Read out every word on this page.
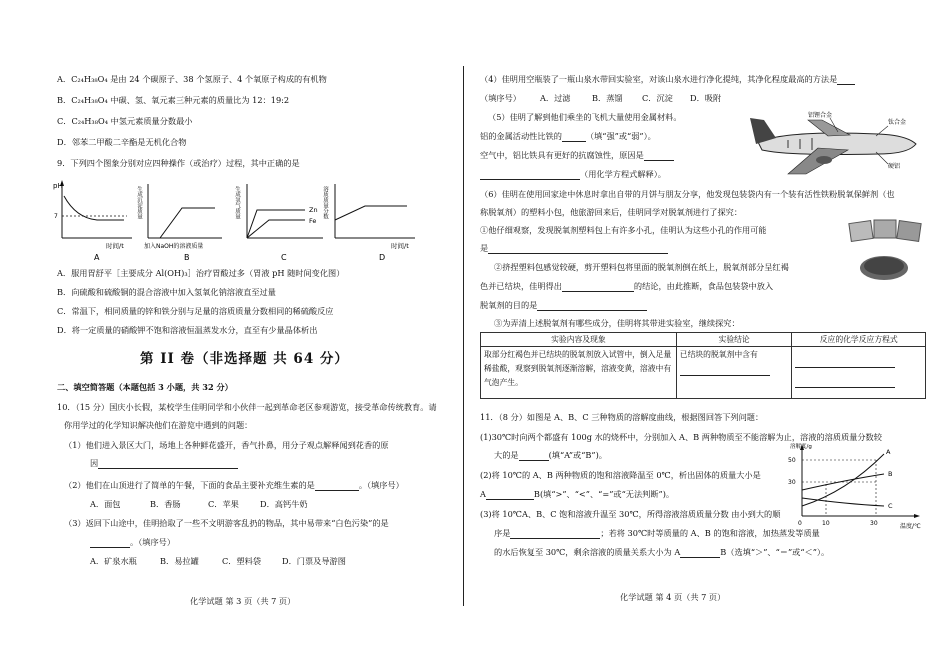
A．C₂₄H₃₈O₄ 是由 24 个碳原子、38 个氢原子、4 个氧原子构成的有机物
B．C₂₄H₃₈O₄ 中碳、氢、氧元素三种元素的质量比为 12：19:2
C．C₂₄H₃₈O₄ 中氢元素质量分数最小
D．邻苯二甲酸二辛酯是无机化合物
9．下列四个图象分别对应四种操作（或治疗）过程，其中正确的是
pH
7
时间/t
A
生成沉淀质量
加入NaOH的溶液质量
B
生成氢气质量	Zn
Fe
C
溶质质量分数
时间/t
D
A．服用胃舒平［主要成分 Al(OH)₃］治疗胃酸过多（胃液 pH 随时间变化图）
B．向硫酸和硫酸铜的混合溶液中加入氢氧化钠溶液直至过量
C．常温下，相同质量的锌和铁分别与足量的溶质质量分数相同的稀硫酸反应
D．将一定质量的硝酸钾不饱和溶液恒温蒸发水分，直至有少量晶体析出
第 II 卷（非选择题 共 64 分）
二、填空简答题（本题包括 3 小题，共 32 分）
10．（15 分）国庆小长假，某校学生佳明同学和小伙伴一起到革命老区参观游览，接受革命传统教育。请
你用学过的化学知识解决他们在游览中遇到的问题：
（1）他们进入景区大门，场地上各种鲜花盛开，香气扑鼻，用分子观点解释闻到花香的原
因
（2）他们在山顶进行了简单的午餐，下面的食品主要补充维生素的是	。（填序号）
A．面包	B．香肠	C．苹果	D．高钙牛奶
（3）返回下山途中，佳明拾取了一些不文明游客乱扔的物品，其中易带来“白色污染”的是
。（填序号）
A．矿泉水瓶	B．易拉罐	C．塑料袋	D．门票及导游图
化学试题 第 3 页（共 7 页）
（4）佳明用空瓶装了一瓶山泉水带回实验室，对该山泉水进行净化提纯，其净化程度最高的方法是
（填序号） A．过滤	B．蒸馏 C．沉淀 D．吸附
（5）佳明了解到他们乘坐的飞机大量使用金属材料。
铝的金属活动性比铁的	（填“强”或“弱”）。
空气中，铝比铁具有更好的抗腐蚀性，原因是
（用化学方程式解释）。
铝锂合金
钛合金
硬铝
（6）佳明在使用回家途中休息时拿出自带的月饼与朋友分享，他发现包装袋内有一个装有活性铁粉脱氧保鲜剂（也
称脱氧剂）的塑料小包，他旅游回来后，佳明同学对脱氧剂进行了探究：
①他仔细观察，发现脱氧剂塑料包上有许多小孔，佳明认为这些小孔的作用可能
是
②挤捏塑料包感觉较硬，剪开塑料包将里面的脱氧剂倒在纸上，脱氧剂部分呈红褐
色并已结块，佳明得出	的结论，由此推断，食品包装袋中放入
脱氧剂的目的是
③为弄清上述脱氧剂有哪些成分，佳明将其带进实验室，继续探究：
实验内容及现象	实验结论	反应的化学反应方程式
取部分红褐色并已结块的脱氧剂放入试管中，倒入足量稀盐酸，观察到脱氧剂逐渐溶解，溶液变黄，溶液中有气泡产生。	已结块的脱氧剂中含有

11．（8 分）如图是 A、B、C 三种物质的溶解度曲线，根据图回答下列问题：
(1)30℃时向两个都盛有 100g 水的烧杯中，分别加入 A、B 两种物质至不能溶解为止，溶液的溶质质量分数较
大的是	(填“A”或“B”)。
(2)将 10℃的 A、B 两种物质的饱和溶液降温至 0℃，析出固体的质量大小是
A	B(填“>”、“<”、“=”或“无法判断”)。
(3)将 10℃A、B、C 饱和溶液升温至 30℃，所得溶液溶质质量分数 由小到大的顺
序是	；若将 30℃时等质量的 A、B 的饱和溶液，加热蒸发等质量
的水后恢复至 30℃，剩余溶液的质量关系大小为 A	B（选填“＞”、“＝”或“＜”）。
溶解度/g
温度/℃
50
30
0	10	30
A
B
C
化学试题 第 4 页（共 7 页）
